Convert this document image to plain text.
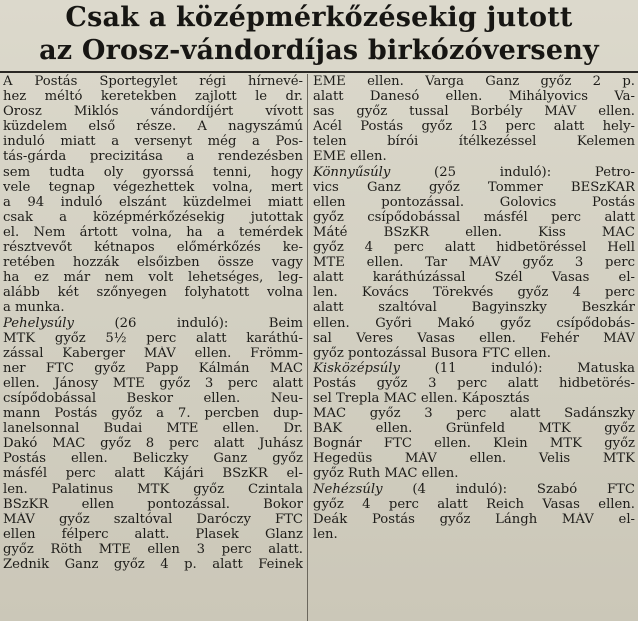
Csak a középmérkőzésekig jutott
az Orosz-vándordíjas birkózóverseny
A Postás Sportegylet régi hírnevé-
hez méltó keretekben zajlott le dr.
Orosz Miklós vándordíjért vívott
küzdelem első része. A nagyszámú
induló miatt a versenyt még a Pos-
tás-gárda precizitása a rendezésben
sem tudta oly gyorssá tenni, hogy
vele tegnap végezhettek volna, mert
a 94 induló elszánt küzdelmei miatt
csak a középmérkőzésekig jutottak
el. Nem ártott volna, ha a temérdek
résztvevőt kétnapos előmérkőzés ke-
retében hozzák elsőizben össze vagy
ha ez már nem volt lehetséges, leg-
alább két szőnyegen folyhatott volna
a munka.
Pehelysúly (26 induló): Beim
MTK győz 5½ perc alatt karáthú-
zással Kaberger MÁV ellen. Frömm-
ner FTC győz Papp Kálmán MAC
ellen. Jánosy MTE győz 3 perc alatt
csípődobással Beskor ellen. Neu-
mann Postás győz a 7. percben dup-
lanelsonnal Budai MTE ellen. Dr.
Dakó MAC győz 8 perc alatt Juhász
Postás ellen. Beliczky Ganz győz
másfél perc alatt Kájári BSzKR el-
len. Palatinus MTK győz Czintala
BSzKR ellen pontozással. Bokor
MÁV győz szaltóval Daróczy FTC
ellen félperc alatt. Plasek Glanz
győz Röth MTE ellen 3 perc alatt.
Zednik Ganz győz 4 p. alatt Feinek
EME ellen. Varga Ganz győz 2 p.
alatt Danesó ellen. Mihályovics Va-
sas győz tussal Borbély MÁV ellen.
Acél Postás győz 13 perc alatt hely-
telen bírói ítélkezéssel Kelemen
EME ellen.
Könnyűsúly (25 induló): Petro-
vics Ganz győz Tommer BESzKAR
ellen pontozással. Golovics Postás
győz csípődobással másfél perc alatt
Máté BSzKR ellen. Kiss MAC
győz 4 perc alatt hidbetöréssel Hell
MTE ellen. Tar MÁV győz 3 perc
alatt karáthúzással Szél Vasas el-
len. Kovács Törekvés győz 4 perc
alatt szaltóval Bagyinszky Beszkár
ellen. Győri Makó győz csípődobás-
sal Veres Vasas ellen. Fehér MÁV
győz pontozással Busora FTC ellen.
Kisközépsúly (11 induló): Matuska
Postás győz 3 perc alatt hidbetörés-
sel Trepla MAC ellen. Káposztás
MAC győz 3 perc alatt Sadánszky
BAK ellen. Grünfeld MTK győz
Bognár FTC ellen. Klein MTK győz
Hegedüs MÁV ellen. Velis MTK
győz Ruth MAC ellen.
Nehézsúly (4 induló): Szabó FTC
győz 4 perc alatt Reich Vasas ellen.
Deák Postás győz Lángh MÁV el-
len.
